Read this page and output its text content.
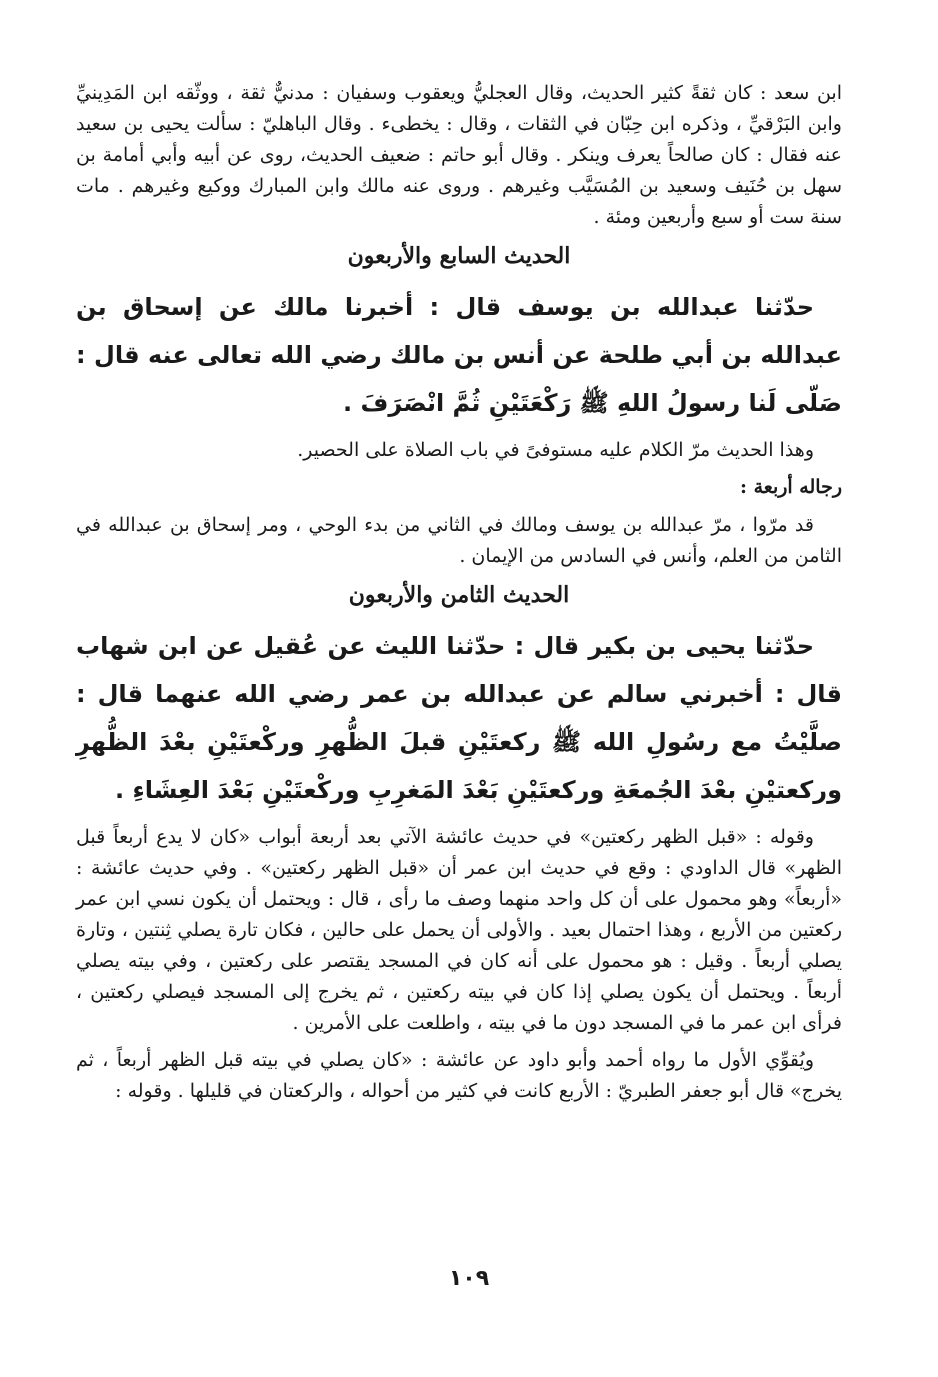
ابن سعد : كان ثقةً كثير الحديث، وقال العجليُّ ويعقوب وسفيان : مدنيٌّ ثقة ، ووثّقه ابن المَدِينيِّ وابن البَرْقيِّ ، وذكره ابن حِبّان في الثقات ، وقال : يخطىء . وقال الباهليّ : سألت يحيى بن سعيد عنه فقال : كان صالحاً يعرف وينكر . وقال أبو حاتم : ضعيف الحديث، روى عن أبيه وأبي أمامة بن سهل بن حُنَيف وسعيد بن المُسَيَّب وغيرهم . وروى عنه مالك وابن المبارك ووكيع وغيرهم . مات سنة ست أو سبع وأربعين ومئة .

الحديث السابع والأربعون

حدّثنا عبدالله بن يوسف قال : أخبرنا مالك عن إسحاق بن عبدالله بن أبي طلحة عن أنس بن مالك رضي الله تعالى عنه قال : صَلّى لَنا رسولُ اللهِ ﷺ رَكْعَتَيْنِ ثُمَّ انْصَرَفَ .

وهذا الحديث مرّ الكلام عليه مستوفىً في باب الصلاة على الحصير.

رجاله أربعة :

قد مرّوا ، مرّ عبدالله بن يوسف ومالك في الثاني من بدء الوحي ، ومر إسحاق بن عبدالله في الثامن من العلم، وأنس في السادس من الإيمان .

الحديث الثامن والأربعون

حدّثنا يحيى بن بكير قال : حدّثنا الليث عن عُقيل عن ابن شهاب قال : أخبرني سالم عن عبدالله بن عمر رضي الله عنهما قال : صلَّيْتُ مع رسُولِ الله ﷺ ركعتَيْنِ قبلَ الظُّهرِ وركْعتَيْنِ بعْدَ الظُّهرِ وركعتيْنِ بعْدَ الجُمعَةِ وركعتَيْنِ بَعْدَ المَغرِبِ وركْعتَيْنِ بَعْدَ العِشَاءِ .

وقوله : «قبل الظهر ركعتين» في حديث عائشة الآتي بعد أربعة أبواب «كان لا يدع أربعاً قبل الظهر» قال الداودي : وقع في حديث ابن عمر أن «قبل الظهر ركعتين» . وفي حديث عائشة : «أربعاً» وهو محمول على أن كل واحد منهما وصف ما رأى ، قال : ويحتمل أن يكون نسي ابن عمر ركعتين من الأربع ، وهذا احتمال بعيد . والأولى أن يحمل على حالين ، فكان تارة يصلي ثِنتين ، وتارة يصلي أربعاً . وقيل : هو محمول على أنه كان في المسجد يقتصر على ركعتين ، وفي بيته يصلي أربعاً . ويحتمل أن يكون يصلي إذا كان في بيته ركعتين ، ثم يخرج إلى المسجد فيصلي ركعتين ، فرأى ابن عمر ما في المسجد دون ما في بيته ، واطلعت على الأمرين .

ويُقوِّي الأول ما رواه أحمد وأبو داود عن عائشة : «كان يصلي في بيته قبل الظهر أربعاً ، ثم يخرج» قال أبو جعفر الطبريّ : الأربع كانت في كثير من أحواله ، والركعتان في قليلها . وقوله :

١٠٩
